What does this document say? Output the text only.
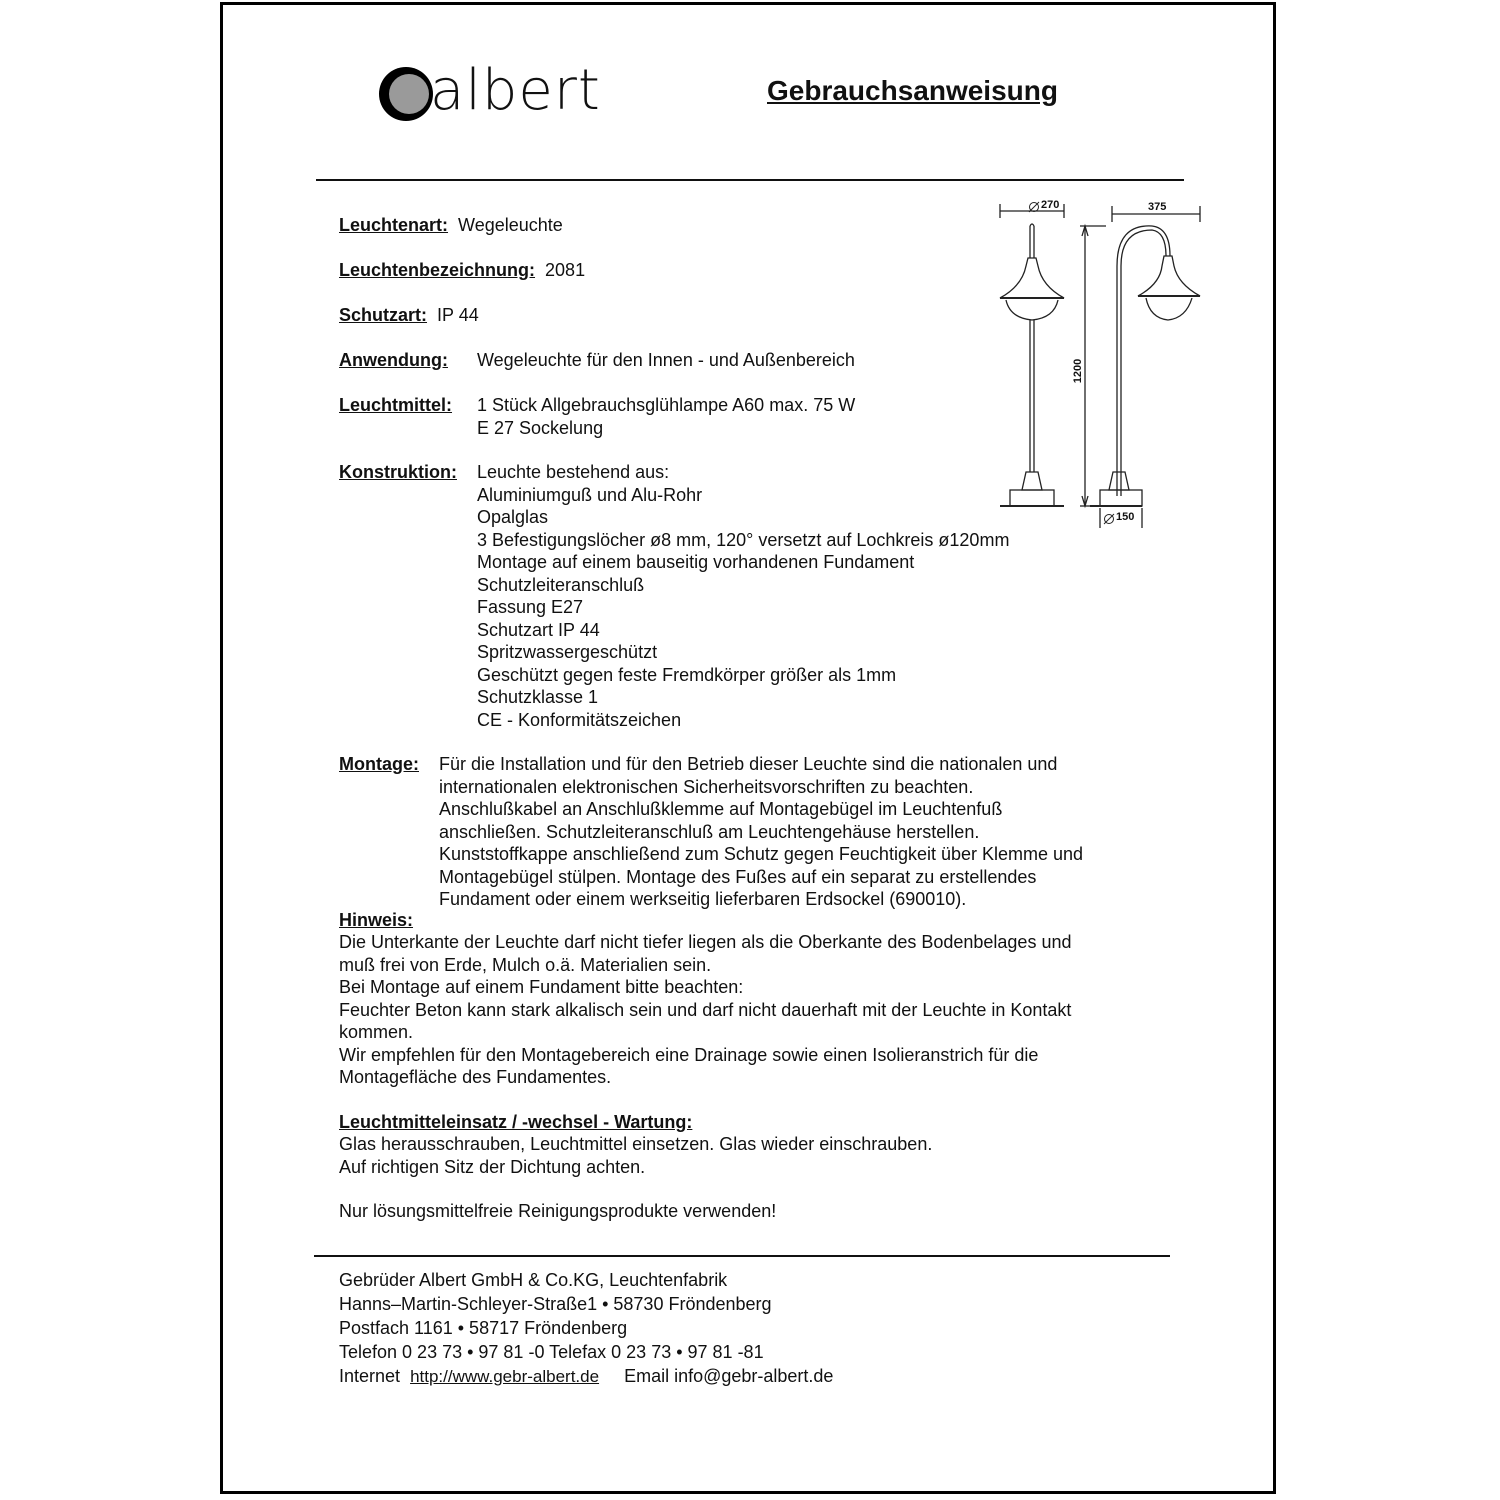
albert	Gebrauchsanweisung
Leuchtenart: Wegeleuchte
Leuchtenbezeichnung: 2081
Schutzart: IP 44
Anwendung: Wegeleuchte für den Innen - und Außenbereich
Leuchtmittel: 1 Stück Allgebrauchsglühlampe A60 max. 75 W
E 27 Sockelung
Konstruktion: Leuchte bestehend aus:
Aluminiumguß und Alu-Rohr
Opalglas
3 Befestigungslöcher ø8 mm, 120° versetzt auf Lochkreis ø120mm
Montage auf einem bauseitig vorhandenen Fundament
Schutzleiteranschluß
Fassung E27
Schutzart IP 44
Spritzwassergeschützt
Geschützt gegen feste Fremdkörper größer als 1mm
Schutzklasse 1
CE - Konformitätszeichen
Montage: Für die Installation und für den Betrieb dieser Leuchte sind die nationalen und
internationalen elektronischen Sicherheitsvorschriften zu beachten.
Anschlußkabel an Anschlußklemme auf Montagebügel im Leuchtenfuß
anschließen. Schutzleiteranschluß am Leuchtengehäuse herstellen.
Kunststoffkappe anschließend zum Schutz gegen Feuchtigkeit über Klemme und
Montagebügel stülpen. Montage des Fußes auf ein separat zu erstellendes
Fundament oder einem werkseitig lieferbaren Erdsockel (690010).
Hinweis:
Die Unterkante der Leuchte darf nicht tiefer liegen als die Oberkante des Bodenbelages und
muß frei von Erde, Mulch o.ä. Materialien sein.
Bei Montage auf einem Fundament bitte beachten:
Feuchter Beton kann stark alkalisch sein und darf nicht dauerhaft mit der Leuchte in Kontakt
kommen.
Wir empfehlen für den Montagebereich eine Drainage sowie einen Isolieranstrich für die
Montagefläche des Fundamentes.
Leuchtmitteleinsatz / -wechsel - Wartung:
Glas herausschrauben, Leuchtmittel einsetzen. Glas wieder einschrauben.
Auf richtigen Sitz der Dichtung achten.
Nur lösungsmittelfreie Reinigungsprodukte verwenden!
270	375
1200
150
Gebrüder Albert GmbH & Co.KG, Leuchtenfabrik
Hanns–Martin-Schleyer-Straße1 • 58730 Fröndenberg
Postfach 1161 • 58717 Fröndenberg
Telefon 0 23 73 • 97 81 -0 Telefax 0 23 73 • 97 81 -81
Internet http://www.gebr-albert.de Email info@gebr-albert.de
